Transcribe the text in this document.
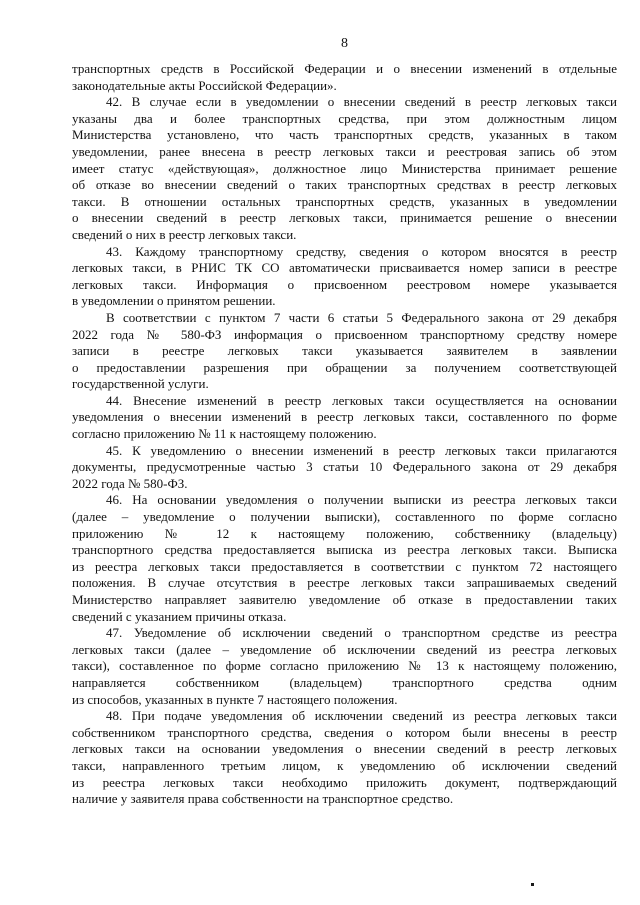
8
транспортных средств в Российской Федерации и о внесении изменений в отдельные
законодательные акты Российской Федерации».
42. В случае если в уведомлении о внесении сведений в реестр легковых такси
указаны два и более транспортных средства, при этом должностным лицом
Министерства установлено, что часть транспортных средств, указанных в таком
уведомлении, ранее внесена в реестр легковых такси и реестровая запись об этом
имеет статус «действующая», должностное лицо Министерства принимает решение
об отказе во внесении сведений о таких транспортных средствах в реестр легковых
такси. В отношении остальных транспортных средств, указанных в уведомлении
о внесении сведений в реестр легковых такси, принимается решение о внесении
сведений о них в реестр легковых такси.
43. Каждому транспортному средству, сведения о котором вносятся в реестр
легковых такси, в РНИС ТК СО автоматически присваивается номер записи в реестре
легковых такси. Информация о присвоенном реестровом номере указывается
в уведомлении о принятом решении.
В соответствии с пунктом 7 части 6 статьи 5 Федерального закона от 29 декабря
2022 года № 580-ФЗ информация о присвоенном транспортному средству номере
записи в реестре легковых такси указывается заявителем в заявлении
о предоставлении разрешения при обращении за получением соответствующей
государственной услуги.
44. Внесение изменений в реестр легковых такси осуществляется на основании
уведомления о внесении изменений в реестр легковых такси, составленного по форме
согласно приложению № 11 к настоящему положению.
45. К уведомлению о внесении изменений в реестр легковых такси прилагаются
документы, предусмотренные частью 3 статьи 10 Федерального закона от 29 декабря
2022 года № 580-ФЗ.
46. На основании уведомления о получении выписки из реестра легковых такси
(далее – уведомление о получении выписки), составленного по форме согласно
приложению № 12 к настоящему положению, собственнику (владельцу)
транспортного средства предоставляется выписка из реестра легковых такси. Выписка
из реестра легковых такси предоставляется в соответствии с пунктом 72 настоящего
положения. В случае отсутствия в реестре легковых такси запрашиваемых сведений
Министерство направляет заявителю уведомление об отказе в предоставлении таких
сведений с указанием причины отказа.
47. Уведомление об исключении сведений о транспортном средстве из реестра
легковых такси (далее – уведомление об исключении сведений из реестра легковых
такси), составленное по форме согласно приложению № 13 к настоящему положению,
направляется собственником (владельцем) транспортного средства одним
из способов, указанных в пункте 7 настоящего положения.
48. При подаче уведомления об исключении сведений из реестра легковых такси
собственником транспортного средства, сведения о котором были внесены в реестр
легковых такси на основании уведомления о внесении сведений в реестр легковых
такси, направленного третьим лицом, к уведомлению об исключении сведений
из реестра легковых такси необходимо приложить документ, подтверждающий
наличие у заявителя права собственности на транспортное средство.
